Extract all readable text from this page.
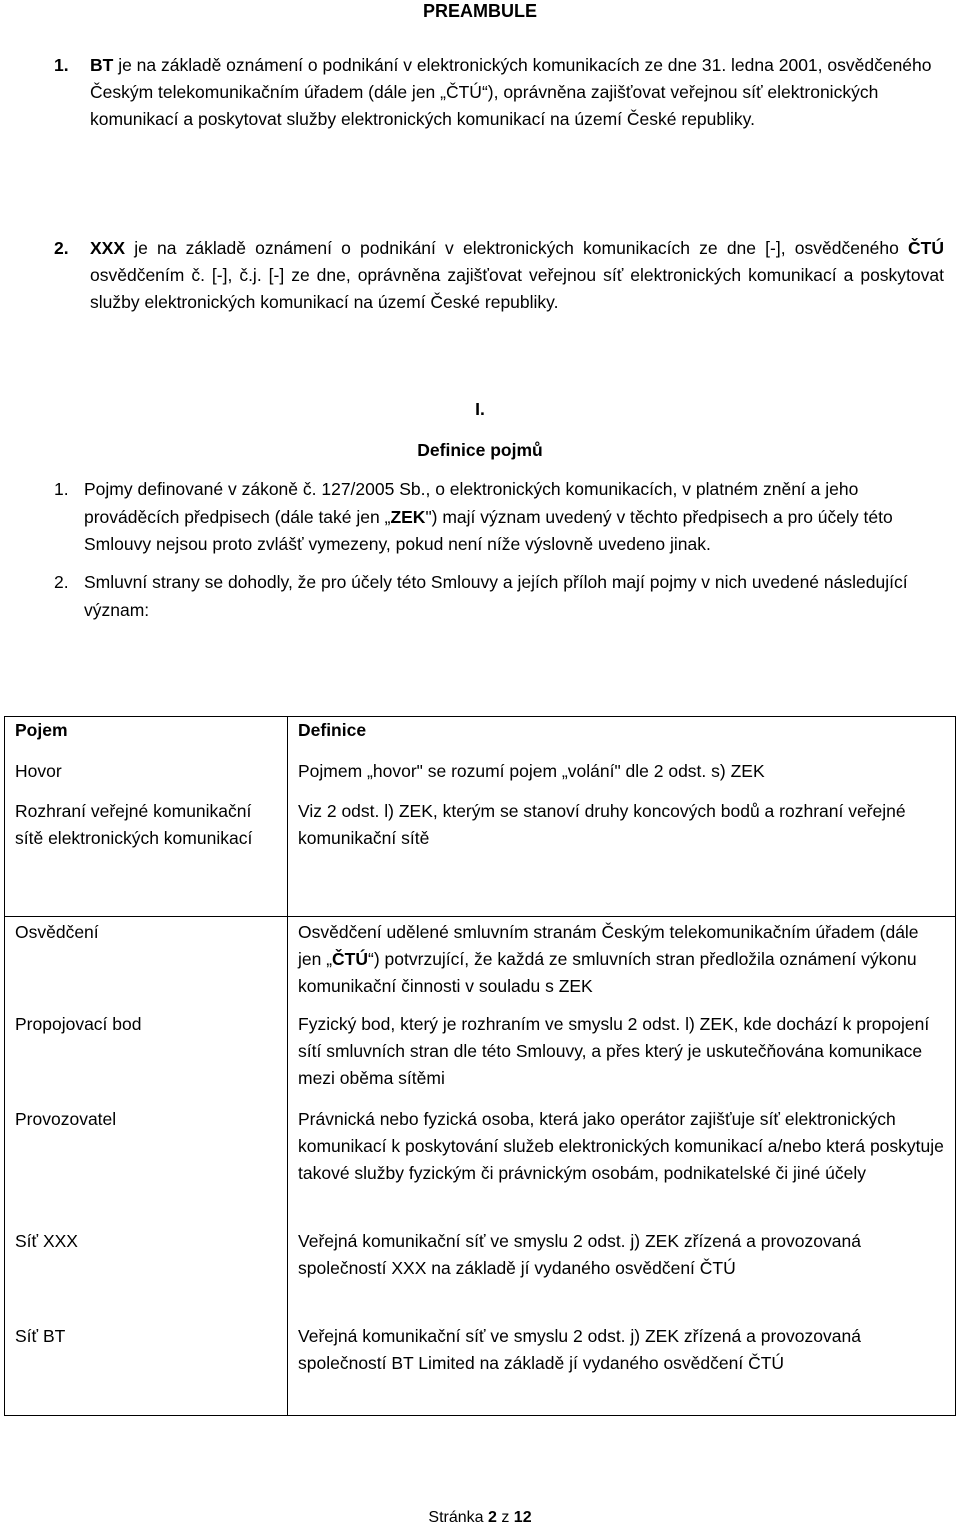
PREAMBULE
1. BT je na základě oznámení o podnikání v elektronických komunikacích ze dne 31. ledna 2001, osvědčeného Českým telekomunikačním úřadem (dále jen „ČTÚ“), oprávněna zajišťovat veřejnou síť elektronických komunikací a poskytovat služby elektronických komunikací na území České republiky.
2. XXX je na základě oznámení o podnikání v elektronických komunikacích ze dne [-], osvědčeného ČTÚ osvědčením č. [-], č.j. [-] ze dne, oprávněna zajišťovat veřejnou síť elektronických komunikací a poskytovat služby elektronických komunikací na území České republiky.
I.
Definice pojmů
1. Pojmy definované v zákoně č. 127/2005 Sb., o elektronických komunikacích, v platném znění a jeho prováděcích předpisech (dále také jen „ZEK") mají význam uvedený v těchto předpisech a pro účely této Smlouvy nejsou proto zvlášť vymezeny, pokud není níže výslovně uvedeno jinak.
2. Smluvní strany se dohodly, že pro účely této Smlouvy a jejích příloh mají pojmy v nich uvedené následující význam:
Pojem	Definice
Hovor	Pojmem „hovor" se rozumí pojem „volání" dle 2 odst. s) ZEK
Rozhraní veřejné komunikační sítě elektronických komunikací	Viz 2 odst. l) ZEK, kterým se stanoví druhy koncových bodů a rozhraní veřejné komunikační sítě
Osvědčení	Osvědčení udělené smluvním stranám Českým telekomunikačním úřadem (dále jen „ČTÚ“) potvrzující, že každá ze smluvních stran předložila oznámení výkonu komunikační činnosti v souladu s ZEK
Propojovací bod	Fyzický bod, který je rozhraním ve smyslu 2 odst. l) ZEK, kde dochází k propojení sítí smluvních stran dle této Smlouvy, a přes který je uskutečňována komunikace mezi oběma sítěmi
Provozovatel	Právnická nebo fyzická osoba, která jako operátor zajišťuje síť elektronických komunikací k poskytování služeb elektronických komunikací a/nebo která poskytuje takové služby fyzickým či právnickým osobám, podnikatelské či jiné účely
Síť XXX	Veřejná komunikační síť ve smyslu 2 odst. j) ZEK zřízená a provozovaná společností XXX na základě jí vydaného osvědčení ČTÚ
Síť BT	Veřejná komunikační síť ve smyslu 2 odst. j) ZEK zřízená a provozovaná společností BT Limited na základě jí vydaného osvědčení ČTÚ
Stránka 2 z 12
